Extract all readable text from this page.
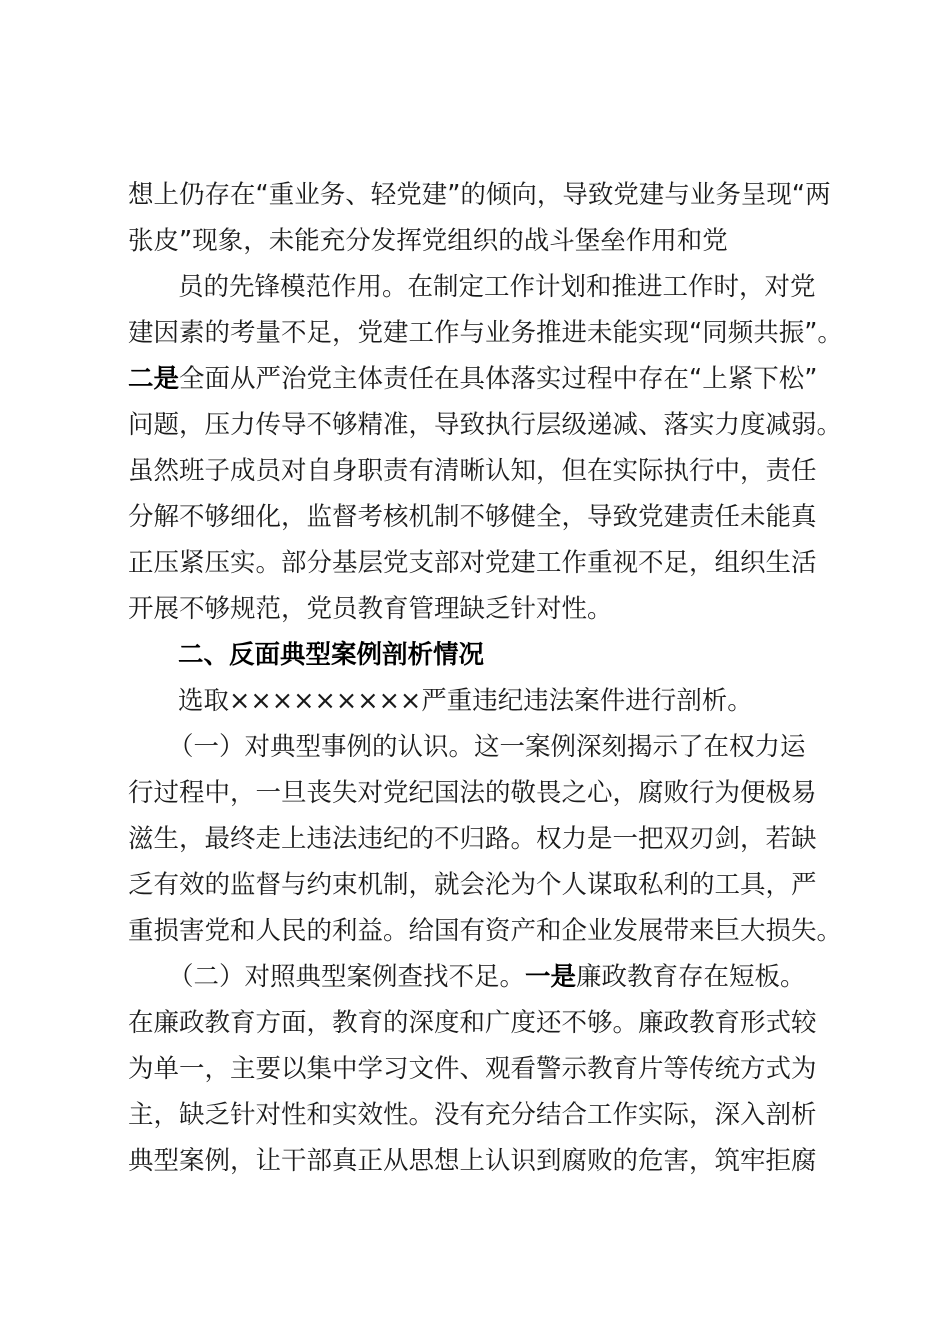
想上仍存在“重业务、轻党建”的倾向，导致党建与业务呈现“两
张皮”现象，未能充分发挥党组织的战斗堡垒作用和党
员的先锋模范作用。在制定工作计划和推进工作时，对党
建因素的考量不足，党建工作与业务推进未能实现“同频共振”。
二是全面从严治党主体责任在具体落实过程中存在“上紧下松”
问题，压力传导不够精准，导致执行层级递减、落实力度减弱。
虽然班子成员对自身职责有清晰认知，但在实际执行中，责任
分解不够细化，监督考核机制不够健全，导致党建责任未能真
正压紧压实。部分基层党支部对党建工作重视不足，组织生活
开展不够规范，党员教育管理缺乏针对性。
二、反面典型案例剖析情况
选取×××××××××严重违纪违法案件进行剖析。
（一）对典型事例的认识。这一案例深刻揭示了在权力运
行过程中，一旦丧失对党纪国法的敬畏之心，腐败行为便极易
滋生，最终走上违法违纪的不归路。权力是一把双刃剑，若缺
乏有效的监督与约束机制，就会沦为个人谋取私利的工具，严
重损害党和人民的利益。给国有资产和企业发展带来巨大损失。
（二）对照典型案例查找不足。一是廉政教育存在短板。
在廉政教育方面，教育的深度和广度还不够。廉政教育形式较
为单一，主要以集中学习文件、观看警示教育片等传统方式为
主，缺乏针对性和实效性。没有充分结合工作实际，深入剖析
典型案例，让干部真正从思想上认识到腐败的危害，筑牢拒腐
